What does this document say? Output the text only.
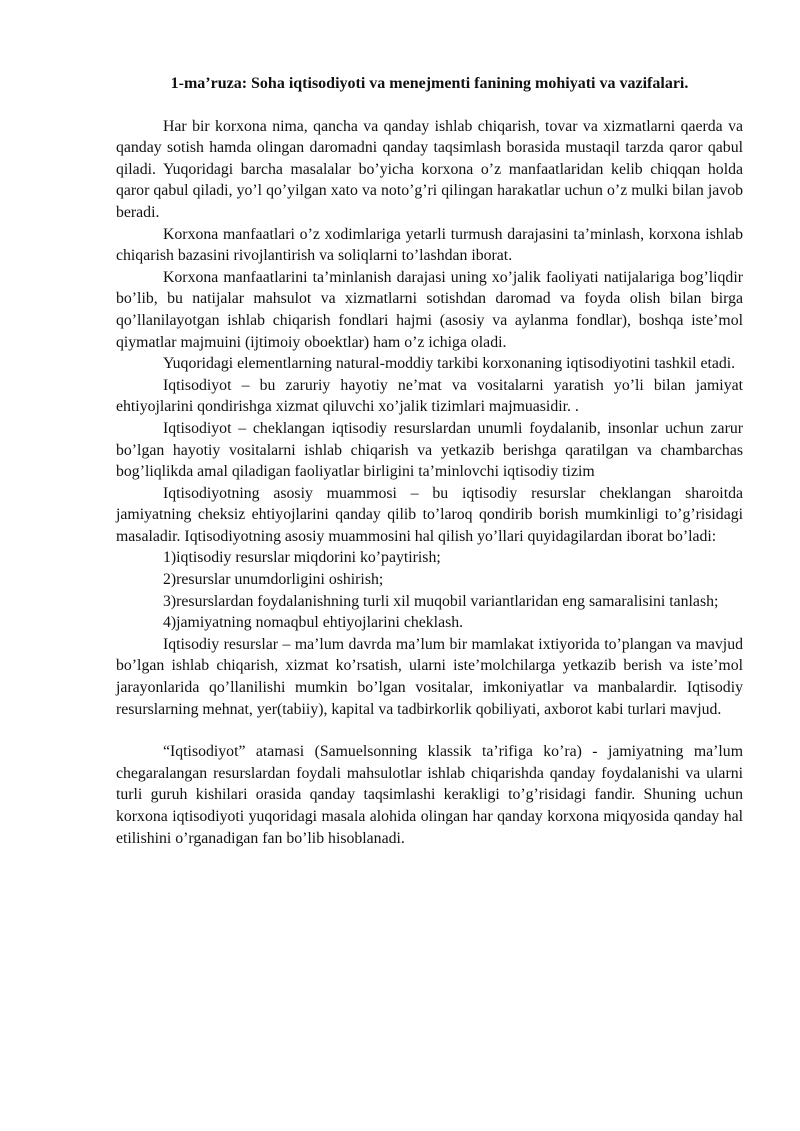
1-ma’ruza: Soha iqtisodiyoti va menejmenti fanining mohiyati va vazifalari.

Har bir korxona nima, qancha va qanday ishlab chiqarish, tovar va xizmatlarni qaerda va qanday sotish hamda olingan daromadni qanday taqsimlash borasida mustaqil tarzda qaror qabul qiladi. Yuqoridagi barcha masalalar bo’yicha korxona o’z manfaatlaridan kelib chiqqan holda qaror qabul qiladi, yo’l qo’yilgan xato va noto’g’ri qilingan harakatlar uchun o’z mulki bilan javob beradi.

Korxona manfaatlari o’z xodimlariga yetarli turmush darajasini ta’minlash, korxona ishlab chiqarish bazasini rivojlantirish va soliqlarni to’lashdan iborat.

Korxona manfaatlarini ta’minlanish darajasi uning xo’jalik faoliyati natijalariga bog’liqdir bo’lib, bu natijalar mahsulot va xizmatlarni sotishdan daromad va foyda olish bilan birga qo’llanilayotgan ishlab chiqarish fondlari hajmi (asosiy va aylanma fondlar), boshqa iste’mol qiymatlar majmuini (ijtimoiy oboektlar) ham o’z ichiga oladi.

Yuqoridagi elementlarning natural-moddiy tarkibi korxonaning iqtisodiyotini tashkil etadi.

Iqtisodiyot – bu zaruriy hayotiy ne’mat va vositalarni yaratish yo’li bilan jamiyat ehtiyojlarini qondirishga xizmat qiluvchi xo’jalik tizimlari majmuasidir. .

Iqtisodiyot – cheklangan iqtisodiy resurslardan unumli foydalanib, insonlar uchun zarur bo’lgan hayotiy vositalarni ishlab chiqarish va yetkazib berishga qaratilgan va chambarchas bog’liqlikda amal qiladigan faoliyatlar birligini ta’minlovchi iqtisodiy tizim

Iqtisodiyotning asosiy muammosi – bu iqtisodiy resurslar cheklangan sharoitda jamiyatning cheksiz ehtiyojlarini qanday qilib to’laroq qondirib borish mumkinligi to’g’risidagi masaladir. Iqtisodiyotning asosiy muammosini hal qilish yo’llari quyidagilardan iborat bo’ladi:

1)iqtisodiy resurslar miqdorini ko’paytirish;

2)resurslar unumdorligini oshirish;

3)resurslardan foydalanishning turli xil muqobil variantlaridan eng samaralisini tanlash;

4)jamiyatning nomaqbul ehtiyojlarini cheklash.

Iqtisodiy resurslar – ma’lum davrda ma’lum bir mamlakat ixtiyorida to’plangan va mavjud bo’lgan ishlab chiqarish, xizmat ko’rsatish, ularni iste’molchilarga yetkazib berish va iste’mol jarayonlarida qo’llanilishi mumkin bo’lgan vositalar, imkoniyatlar va manbalardir. Iqtisodiy resurslarning mehnat, yer(tabiiy), kapital va tadbirkorlik qobiliyati, axborot kabi turlari mavjud.

“Iqtisodiyot” atamasi (Samuelsonning klassik ta’rifiga ko’ra) - jamiyatning ma’lum chegaralangan resurslardan foydali mahsulotlar ishlab chiqarishda qanday foydalanishi va ularni turli guruh kishilari orasida qanday taqsimlashi kerakligi to’g’risidagi fandir. Shuning uchun korxona iqtisodiyoti yuqoridagi masala alohida olingan har qanday korxona miqyosida qanday hal etilishini o’rganadigan fan bo’lib hisoblanadi.
